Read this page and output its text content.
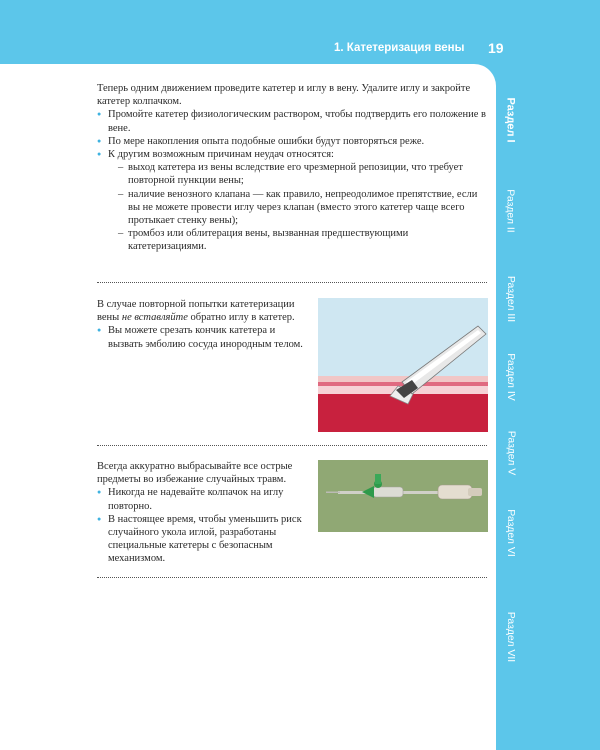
1. Катетеризация вены 19
Раздел I
Раздел II
Раздел III
Раздел IV
Раздел V
Раздел VI
Раздел VII

Теперь одним движением проведите катетер и иглу в вену. Удалите иглу и закройте катетер колпачком.

● Промойте катетер физиологическим раствором, чтобы подтвердить его положение в вене.
● По мере накопления опыта подобные ошибки будут повторяться реже.
● К другим возможным причинам неудач относятся:
– выход катетера из вены вследствие его чрезмерной репозиции, что требует повторной пункции вены;
– наличие венозного клапана — как правило, непреодолимое препятствие, если вы не можете провести иглу через клапан (вместо этого катетер чаще всего протыкает стенку вены);
– тромбоз или облитерация вены, вызванная предшествующими катетеризациями.

В случае повторной попытки катетеризации вены не вставляйте обратно иглу в катетер.

● Вы можете срезать кончик катетера и вызвать эмболию сосуда инородным телом.

Всегда аккуратно выбрасывайте все острые предметы во избежание случайных травм.

● Никогда не надевайте колпачок на иглу повторно.
● В настоящее время, чтобы уменьшить риск случайного укола иглой, разработаны специальные катетеры с безопасным механизмом.
